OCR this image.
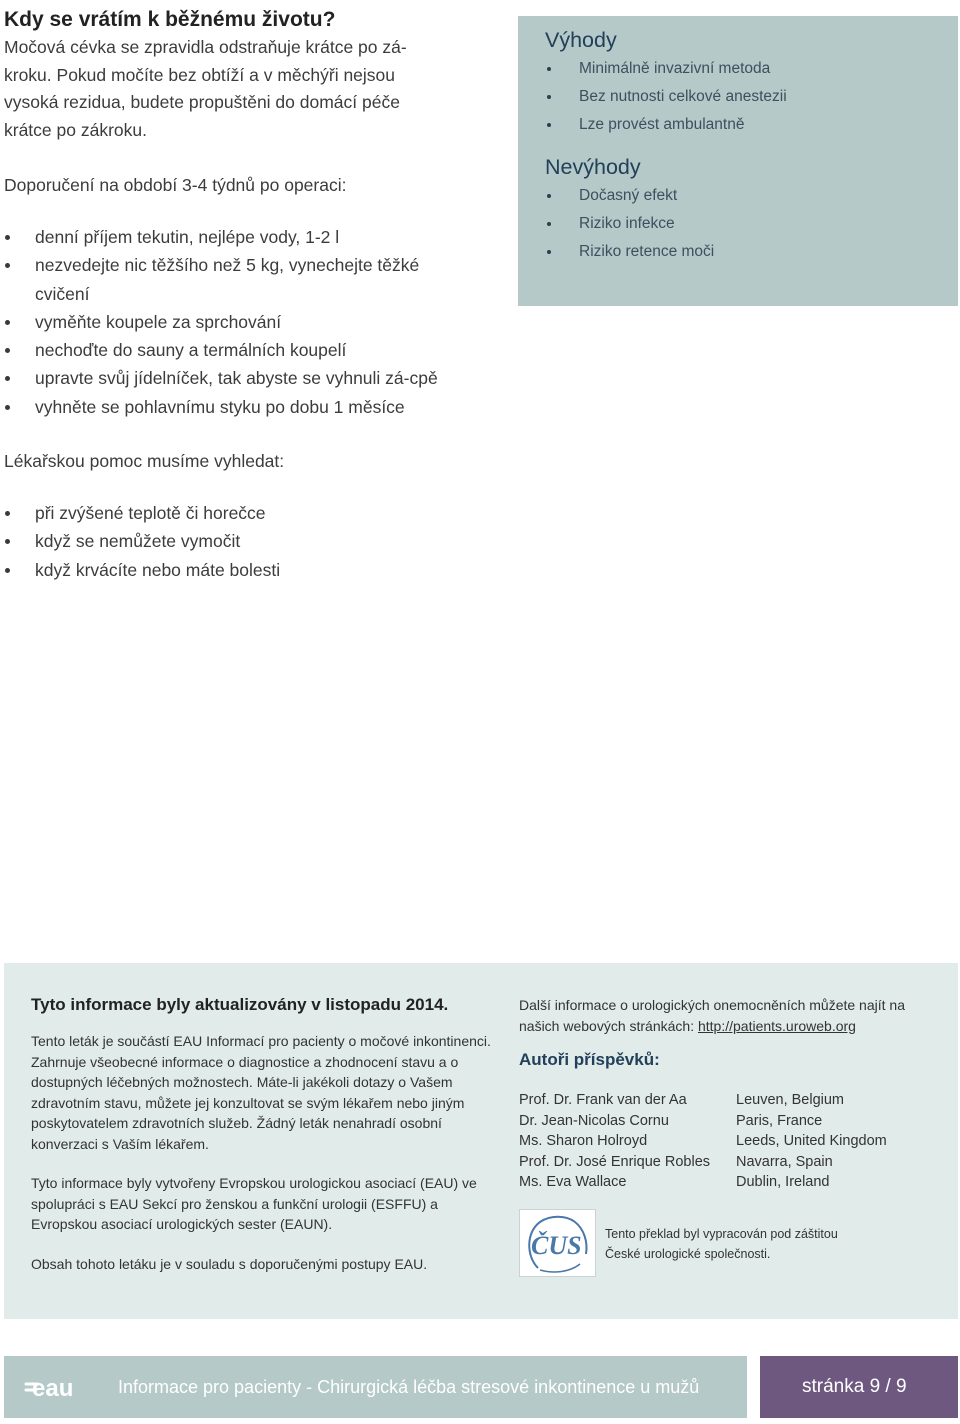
Kdy se vrátím k běžnému životu?
Močová cévka se zpravidla odstraňuje krátce po zá-
kroku. Pokud močíte bez obtíží a v měchýři nejsou
vysoká rezidua, budete propuštěni do domácí péče
krátce po zákroku.
Doporučení na období 3-4 týdnů po operaci:
denní příjem tekutin, nejlépe vody, 1-2 l
nezvedejte nic těžšího než 5 kg, vynechejte těžké cvičení
vyměňte koupele za sprchování
nechoďte do sauny a termálních koupelí
upravte svůj jídelníček, tak abyste se vyhnuli zá-cpě
vyhněte se pohlavnímu styku po dobu 1 měsíce
Lékařskou pomoc musíme vyhledat:
při zvýšené teplotě či horečce
když se nemůžete vymočit
když krvácíte nebo máte bolesti
Výhody
Minimálně invazivní metoda
Bez nutnosti celkové anestezii
Lze provést ambulantně
Nevýhody
Dočasný efekt
Riziko infekce
Riziko retence moči
Tyto informace byly aktualizovány v listopadu 2014.

Tento leták je součástí EAU Informací pro pacienty o močové inkontinenci. Zahrnuje všeobecné informace o diagnostice a zhodnocení stavu a o dostupných léčebných možnostech. Máte-li jakékoli dotazy o Vašem zdravotním stavu, můžete jej konzultovat se svým lékařem nebo jiným poskytovatelem zdravotních služeb. Žádný leták nenahradí osobní konverzaci s Vaším lékařem.

Tyto informace byly vytvořeny Evropskou urologickou asociací (EAU) ve spolupráci s EAU Sekcí pro ženskou a funkční urologii (ESFFU) a Evropskou asociací urologických sester (EAUN).

Obsah tohoto letáku je v souladu s doporučenými postupy EAU.

Další informace o urologických onemocněních můžete najít na našich webových stránkách: http://patients.uroweb.org
Autoři příspěvků:
Prof. Dr. Frank van der Aa	Leuven, Belgium
Dr. Jean-Nicolas Cornu	Paris, France
Ms. Sharon Holroyd	Leeds, United Kingdom
Prof. Dr. José Enrique Robles	Navarra, Spain
Ms. Eva Wallace	Dublin, Ireland
ČUS Tento překlad byl vypracován pod záštitou
České urologické společnosti.
eau Informace pro pacienty - Chirurgická léčba stresové inkontinence u mužů	stránka 9 / 9
